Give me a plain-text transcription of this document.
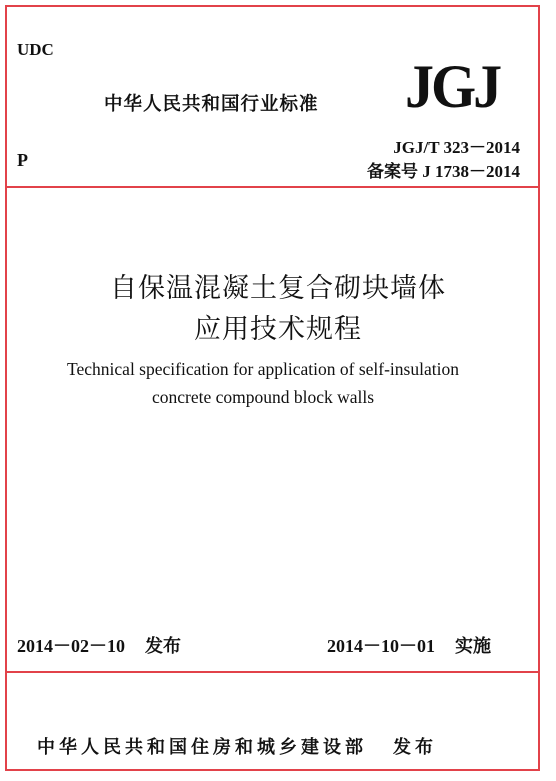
UDC
P
中华人民共和国行业标准 JGJ
JGJ/T 323－2014
备案号 J 1738－2014
自保温混凝土复合砌块墙体
应用技术规程
Technical specification for application of self-insulation
concrete compound block walls
2014－02－10 发布	2014－10－01 实施
中华人民共和国住房和城乡建设部 发布
